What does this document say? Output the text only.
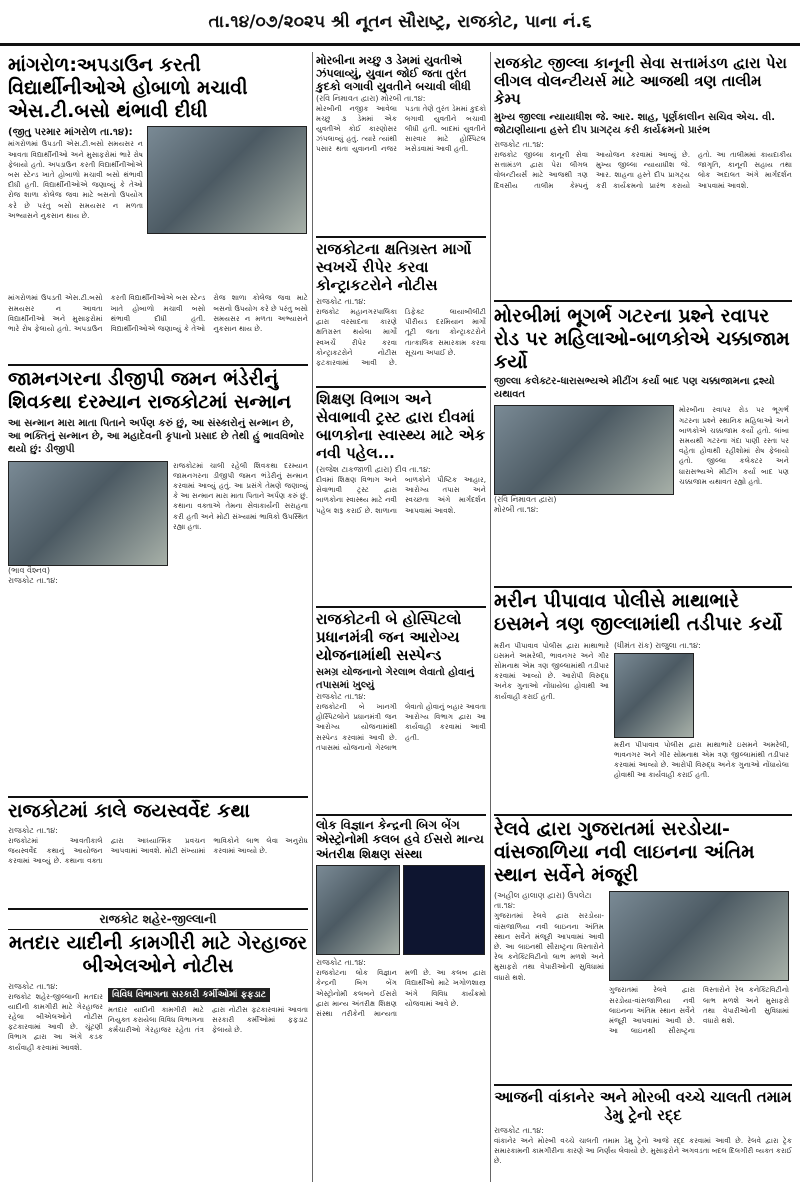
તા.૧૪/૦૭/૨૦૨૫ શ્રી નૂતન સૌરાષ્ટ્ર, રાજકોટ, પાના નં.૬
માંગરોળ:અપડાઉન કરતી વિદ્યાર્થીનીઓએ હોબાળો મચાવી એસ.ટી.બસો થંભાવી દીધી
(જીતુ પરમાર માંગરોળ તા.૧૪):
માંગરોળમાં ઉપડતી એસ.ટી.બસો સમયસર ન આવતા વિદ્યાર્થીનીઓ અને મુસાફરોમાં ભારે રોષ ફેલાયો હતો. અપડાઉન કરતી વિદ્યાર્થીનીઓએ બસ સ્ટેન્ડ ખાતે હોબાળો મચાવી બસો થંભાવી દીધી હતી. વિદ્યાર્થીનીઓએ જણાવ્યું કે તેઓ રોજ શાળા કોલેજ જવા માટે બસનો ઉપયોગ કરે છે પરંતુ બસો સમયસર ન મળતા અભ્યાસને નુકસાન થાય છે.
માંગરોળમાં ઉપડતી એસ.ટી.બસો સમયસર ન આવતા વિદ્યાર્થીનીઓ અને મુસાફરોમાં ભારે રોષ ફેલાયો હતો. અપડાઉન કરતી વિદ્યાર્થીનીઓએ બસ સ્ટેન્ડ ખાતે હોબાળો મચાવી બસો થંભાવી દીધી હતી. વિદ્યાર્થીનીઓએ જણાવ્યું કે તેઓ રોજ શાળા કોલેજ જવા માટે બસનો ઉપયોગ કરે છે પરંતુ બસો સમયસર ન મળતા અભ્યાસને નુકસાન થાય છે.
મોરબીના મચ્છુ ૩ ડેમમાં યુવતીએ ઝંપલાવ્યું, યુવાન જોઈ જતા તુરંત કુદકો લગાવી યુવતીને બચાવી લીધી
(રવિ નિમાવત દ્વારા) મોરબી તા.૧૪:
મોરબીની નજીક આવેલા મચ્છુ ૩ ડેમમાં એક યુવતીએ કોઈ કારણોસર ઝંપલાવ્યું હતું. ત્યારે ત્યાંથી પસાર થતા યુવાનની નજર પડતા તેણે તુરંત ડેમમાં કુદકો લગાવી યુવતીને બચાવી લીધી હતી. બાદમાં યુવતીને સારવાર માટે હોસ્પિટલ ખસેડવામાં આવી હતી.
રાજકોટના ક્ષતિગ્રસ્ત માર્ગો સ્વખર્ચે રીપેર કરવા કોન્ટ્રાકટરોને નોટીસ
રાજકોટ તા.૧૪:
રાજકોટ મહાનગરપાલિકા દ્વારા વરસાદના કારણે ક્ષતિગ્રસ્ત થયેલા માર્ગો સ્વખર્ચે રીપેર કરવા કોન્ટ્રાકટરોને નોટીસ ફટકારવામાં આવી છે. ડિફેક્ટ લાયાબીલીટી પીરીયડ દરમિયાન માર્ગો તૂટી જતા કોન્ટ્રાકટરોને તાત્કાલિક સમારકામ કરવા સૂચના અપાઈ છે.
રાજકોટ જીલ્લા કાનૂની સેવા સત્તામંડળ દ્વારા પેરા લીગલ વોલન્ટીયર્સ માટે આજથી ત્રણ તાલીમ કેમ્પ
મુખ્ય જીલ્લા ન્યાયાધીશ જે. આર. શાહ, પૂર્ણકાલીન સચિવ એચ. વી. જોટાણીયાના હસ્તે દીપ પ્રાગટ્ય કરી કાર્યક્રમનો પ્રારંભ
રાજકોટ તા.૧૪:
રાજકોટ જીલ્લા કાનૂની સેવા સત્તામંડળ દ્વારા પેરા લીગલ વોલન્ટીયર્સ માટે આજથી ત્રણ દિવસીય તાલીમ કેમ્પનું આયોજન કરવામાં આવ્યું છે. મુખ્ય જીલ્લા ન્યાયાધીશ જે. આર. શાહના હસ્તે દીપ પ્રાગટ્ય કરી કાર્યક્રમનો પ્રારંભ કરાયો હતો. આ તાલીમમાં કાયદાકીય જાગૃતિ, કાનૂની સહાય તથા લોક અદાલત અંગે માર્ગદર્શન આપવામાં આવશે.
મોરબીમાં ભૂગર્ભ ગટરના પ્રશ્ને રવાપર રોડ પર મહિલાઓ-બાળકોએ ચક્કાજામ કર્યો
જીલ્લા કલેક્ટર-ધારાસભ્યએ મીટીંગ કર્યા બાદ પણ ચક્કાજામના દ્રશ્યો યથાવત
(રવિ નિમાવત દ્વારા)
મોરબી તા.૧૪:
મોરબીના રવાપર રોડ પર ભૂગર્ભ ગટરના પ્રશ્ને સ્થાનિક મહિલાઓ અને બાળકોએ ચક્કાજામ કર્યો હતો. લાંબા સમયથી ગટરના ગંદા પાણી રસ્તા પર વહેતા હોવાથી રહીશોમાં રોષ ફેલાયો હતો. જીલ્લા કલેક્ટર અને ધારાસભ્યએ મીટીંગ કર્યા બાદ પણ ચક્કાજામ યથાવત રહ્યો હતો.
જામનગરના ડીજીપી જમન ભંડેરીનું શિવકથા દરમ્યાન રાજકોટમાં સન્માન
આ સન્માન મારા માતા પિતાને અર્પણ કરું છું, આ સંસ્કારોનું સન્માન છે, આ ભક્તિનું સન્માન છે, આ મહાદેવની કૃપાનો પ્રસાદ છે તેથી હું ભાવવિભોર થયો છું: ડીજીપી
(ભાવ વૈશ્નવ)
રાજકોટ તા.૧૪:
રાજકોટમાં ચાલી રહેલી શિવકથા દરમ્યાન જામનગરના ડીજીપી જમન ભંડેરીનું સન્માન કરવામાં આવ્યું હતું. આ પ્રસંગે તેમણે જણાવ્યું કે આ સન્માન મારા માતા પિતાને અર્પણ કરું છું. કથાના વક્તાએ તેમના સેવાકાર્યની સરાહના કરી હતી અને મોટી સંખ્યામાં ભાવિકો ઉપસ્થિત રહ્યા હતા.
શિક્ષણ વિભાગ અને સેવાભાવી ટ્રસ્ટ દ્વારા દીવમાં બાળકોના સ્વાસ્થ્ય માટે એક નવી પહેલ...
(રાજેશ ટાકજાળી દ્વારા) દીવ તા.૧૪:
દીવમાં શિક્ષણ વિભાગ અને સેવાભાવી ટ્રસ્ટ દ્વારા બાળકોના સ્વાસ્થ્ય માટે નવી પહેલ શરૂ કરાઈ છે. શાળાના બાળકોને પૌષ્ટિક આહાર, આરોગ્ય તપાસ અને સ્વચ્છતા અંગે માર્ગદર્શન આપવામાં આવશે.
રાજકોટની બે હોસ્પિટલો પ્રધાનમંત્રી જન આરોગ્ય યોજનામાંથી સસ્પેન્ડ
સમગ્ર યોજનાનો ગેરલાભ લેવાતો હોવાનું તપાસમાં ખુલ્યું
રાજકોટ તા.૧૪:
રાજકોટની બે ખાનગી હોસ્પિટલોને પ્રધાનમંત્રી જન આરોગ્ય યોજનામાંથી સસ્પેન્ડ કરવામાં આવી છે. તપાસમાં યોજનાનો ગેરલાભ લેવાતો હોવાનું બહાર આવતા આરોગ્ય વિભાગ દ્વારા આ કાર્યવાહી કરવામાં આવી હતી.
મરીન પીપાવાવ પોલીસે માથાભારે ઇસમને ત્રણ જીલ્લામાંથી તડીપાર કર્યો
મરીન પીપાવાવ પોલીસ દ્વારા માથાભારે ઇસમને અમરેલી, ભાવનગર અને ગીર સોમનાથ એમ ત્રણ જીલ્લામાંથી તડીપાર કરવામાં આવ્યો છે. આરોપી વિરુદ્ધ અનેક ગુનાઓ નોંધાયેલા હોવાથી આ કાર્યવાહી કરાઈ હતી.
(ધીમંત રાંક) રાજુલા તા.૧૪:
મરીન પીપાવાવ પોલીસ દ્વારા માથાભારે ઇસમને અમરેલી, ભાવનગર અને ગીર સોમનાથ એમ ત્રણ જીલ્લામાંથી તડીપાર કરવામાં આવ્યો છે. આરોપી વિરુદ્ધ અનેક ગુનાઓ નોંધાયેલા હોવાથી આ કાર્યવાહી કરાઈ હતી.
રાજકોટમાં કાલે જયસ્વર્વેદ કથા
રાજકોટ તા.૧૪:
રાજકોટમાં આવતીકાલે જયસ્વર્વેદ કથાનું આયોજન કરવામાં આવ્યું છે. કથાના વક્તા દ્વારા આધ્યાત્મિક પ્રવચન આપવામાં આવશે. મોટી સંખ્યામાં ભાવિકોને લાભ લેવા અનુરોધ કરવામાં આવ્યો છે.
લોક વિજ્ઞાન કેન્દ્રની બિગ બેંગ એસ્ટ્રોનોમી કલબ હવે ઈસરો માન્ય અંતરીક્ષ શિક્ષણ સંસ્થા
રાજકોટ તા.૧૪:
રાજકોટના લોક વિજ્ઞાન કેન્દ્રની બિગ બેંગ એસ્ટ્રોનોમી કલબને ઈસરો દ્વારા માન્ય અંતરીક્ષ શિક્ષણ સંસ્થા તરીકેની માન્યતા મળી છે. આ કલબ દ્વારા વિદ્યાર્થીઓ માટે ખગોળશાસ્ત્ર અંગે વિવિધ કાર્યક્રમો યોજવામાં આવે છે.
રેલવે દ્વારા ગુજરાતમાં સરડોયા-વાંસજાળિયા નવી લાઇનના અંતિમ સ્થાન સર્વેને મંજૂરી
(અહીલ હાલાણ દ્વારા) ઉપલેટા તા.૧૪:
ગુજરાતમાં રેલવે દ્વારા સરડોયા-વાંસજાળિયા નવી લાઇનના અંતિમ સ્થાન સર્વેને મંજૂરી આપવામાં આવી છે. આ લાઇનથી સૌરાષ્ટ્રના વિસ્તારોને રેલ કનેક્ટિવિટીનો લાભ મળશે અને મુસાફરો તથા વેપારીઓની સુવિધામાં વધારો થશે.
ગુજરાતમાં રેલવે દ્વારા સરડોયા-વાંસજાળિયા નવી લાઇનના અંતિમ સ્થાન સર્વેને મંજૂરી આપવામાં આવી છે. આ લાઇનથી સૌરાષ્ટ્રના વિસ્તારોને રેલ કનેક્ટિવિટીનો લાભ મળશે અને મુસાફરો તથા વેપારીઓની સુવિધામાં વધારો થશે.
રાજકોટ શહેર-જીલ્લાની
મતદાર યાદીની કામગીરી માટે ગેરહાજર બીએલઓને નોટીસ
રાજકોટ તા.૧૪:
રાજકોટ શહેર-જીલ્લાની મતદાર યાદીની કામગીરી માટે ગેરહાજર રહેલા બીએલઓને નોટીસ ફટકારવામાં આવી છે. ચૂંટણી વિભાગ દ્વારા આ અંગે કડક કાર્યવાહી કરવામાં આવશે.
વિવિધ વિભાગના સરકારી કર્મીઓમાં ફફડાટ
મતદાર યાદીની કામગીરી માટે નિયુક્ત કરાયેલા વિવિધ વિભાગના કર્મચારીઓ ગેરહાજર રહેતા તંત્ર દ્વારા નોટીસ ફટકારવામાં આવતા સરકારી કર્મીઓમાં ફફડાટ ફેલાયો છે.
આજની વાંકાનેર અને મોરબી વચ્ચે ચાલતી તમામ ડેમુ ટ્રેનો રદ્દ
રાજકોટ તા.૧૪:
વાંકાનેર અને મોરબી વચ્ચે ચાલતી તમામ ડેમુ ટ્રેનો આજે રદ્દ કરવામાં આવી છે. રેલવે દ્વારા ટ્રેક સમારકામની કામગીરીના કારણે આ નિર્ણય લેવાયો છે. મુસાફરોને અગવડતા બદલ દિલગીરી વ્યક્ત કરાઈ છે.
